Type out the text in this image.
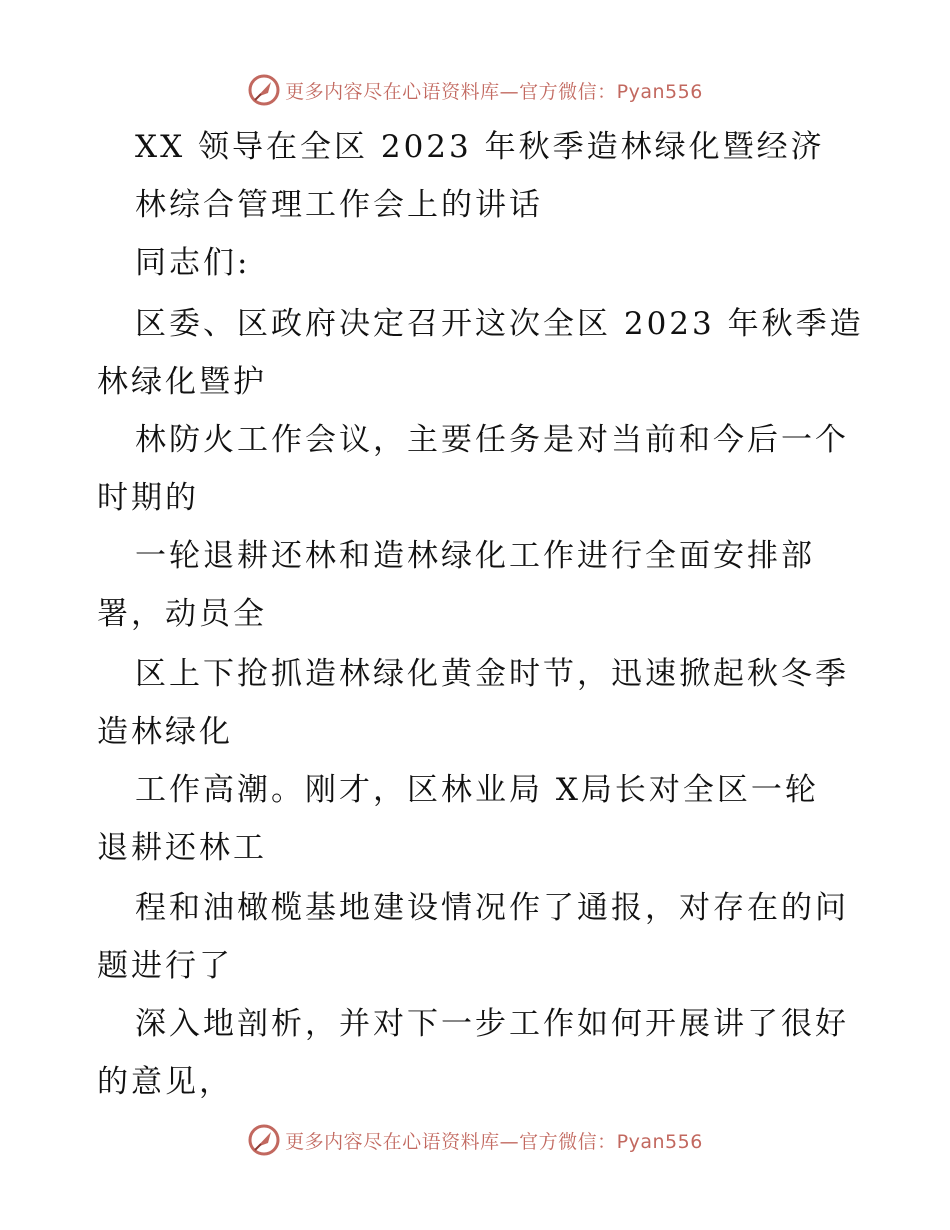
更多内容尽在心语资料库—官方微信：Pyan556
XX 领导在全区 2023 年秋季造林绿化暨经济
林综合管理工作会上的讲话
同志们:
区委、区政府决定召开这次全区 2023 年秋季造
林绿化暨护
林防火工作会议，主要任务是对当前和今后一个
时期的
一轮退耕还林和造林绿化工作进行全面安排部
署，动员全
区上下抢抓造林绿化黄金时节，迅速掀起秋冬季
造林绿化
工作高潮。刚才，区林业局 X局长对全区一轮
退耕还林工
程和油橄榄基地建设情况作了通报，对存在的问
题进行了
深入地剖析，并对下一步工作如何开展讲了很好
的意见，
更多内容尽在心语资料库—官方微信：Pyan556
